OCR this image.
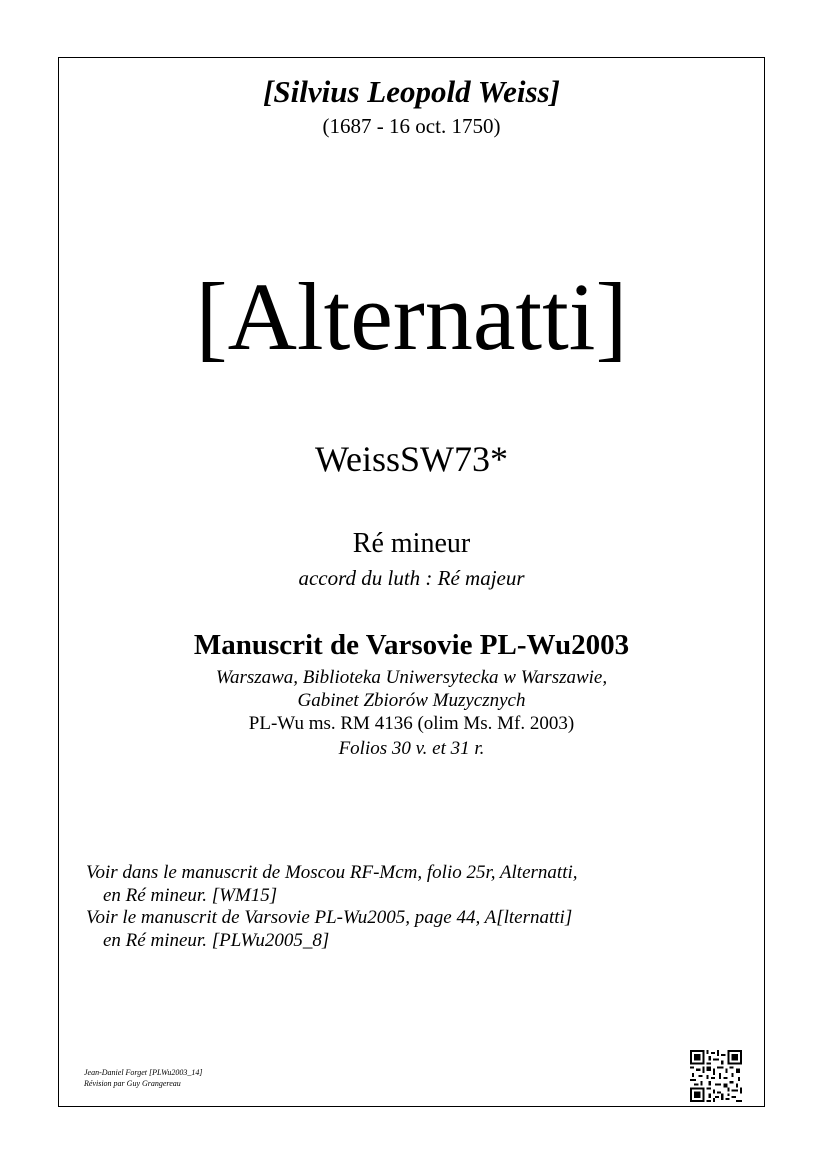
[Silvius Leopold Weiss]
(1687 - 16 oct. 1750)
[Alternatti]
WeissSW73*
Ré mineur
accord du luth : Ré majeur
Manuscrit de Varsovie PL-Wu2003
Warszawa, Biblioteka Uniwersytecka w Warszawie,
Gabinet Zbiorów Muzycznych
PL-Wu ms. RM 4136 (olim Ms. Mf. 2003)
Folios 30 v. et 31 r.
Voir dans le manuscrit de Moscou RF-Mcm, folio 25r, Alternatti,
en Ré mineur. [WM15]
Voir le manuscrit de Varsovie PL-Wu2005, page 44, A[lternatti]
en Ré mineur. [PLWu2005_8]
Jean-Daniel Forget [PLWu2003_14]
Révision par Guy Grangereau
